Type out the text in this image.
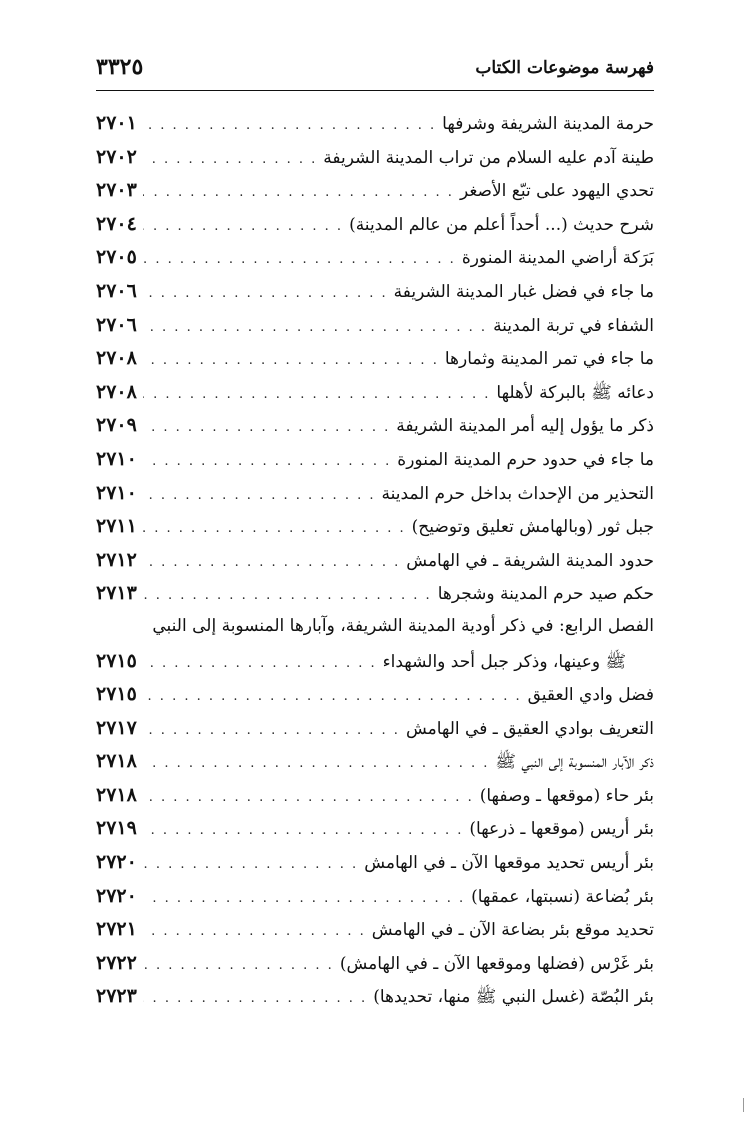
فهرسة موضوعات الكتاب
٣٣٢٥
حرمة المدينة الشريفة وشرفها
. . .
٢٧٠١
طينة آدم عليه السلام من تراب المدينة الشريفة
. . .
٢٧٠٢
تحدي اليهود على تبّع الأصغر
. . .
٢٧٠٣
شرح حديث (... أحداً أعلم من عالم المدينة)
. . .
٢٧٠٤
بَرَكة أراضي المدينة المنورة
. . .
٢٧٠٥
ما جاء في فضل غبار المدينة الشريفة
. . .
٢٧٠٦
الشفاء في تربة المدينة
. . .
٢٧٠٦
ما جاء في تمر المدينة وثمارها
. . .
٢٧٠٨
دعائه ﷺ بالبركة لأهلها
. . .
٢٧٠٨
ذكر ما يؤول إليه أمر المدينة الشريفة
. . .
٢٧٠٩
ما جاء في حدود حرم المدينة المنورة
. . .
٢٧١٠
التحذير من الإحداث بداخل حرم المدينة
. . .
٢٧١٠
جبل ثور (وبالهامش تعليق وتوضيح)
. . .
٢٧١١
حدود المدينة الشريفة ـ في الهامش
. . .
٢٧١٢
حكم صيد حرم المدينة وشجرها
. . .
٢٧١٣
الفصل الرابع: في ذكر أودية المدينة الشريفة، وآبارها المنسوبة إلى النبي
ﷺ وعينها، وذكر جبل أحد والشهداء
. . .
٢٧١٥
فضل وادي العقيق
. . .
٢٧١٥
التعريف بوادي العقيق ـ في الهامش
. . .
٢٧١٧
ذكر الآبار المنسوبة إلى النبي ﷺ
. . .
٢٧١٨
بئر حاء (موقعها ـ وصفها)
. . .
٢٧١٨
بئر أريس (موقعها ـ ذرعها)
. . .
٢٧١٩
بئر أريس تحديد موقعها الآن ـ في الهامش
. . .
٢٧٢٠
بئر بُضاعة (نسبتها، عمقها)
. . .
٢٧٢٠
تحديد موقع بئر بضاعة الآن ـ في الهامش
. . .
٢٧٢١
بئر غَرْس (فضلها وموقعها الآن ـ في الهامش)
. . .
٢٧٢٢
بئر البُصّة (غسل النبي ﷺ منها، تحديدها)
. . .
٢٧٢٣
